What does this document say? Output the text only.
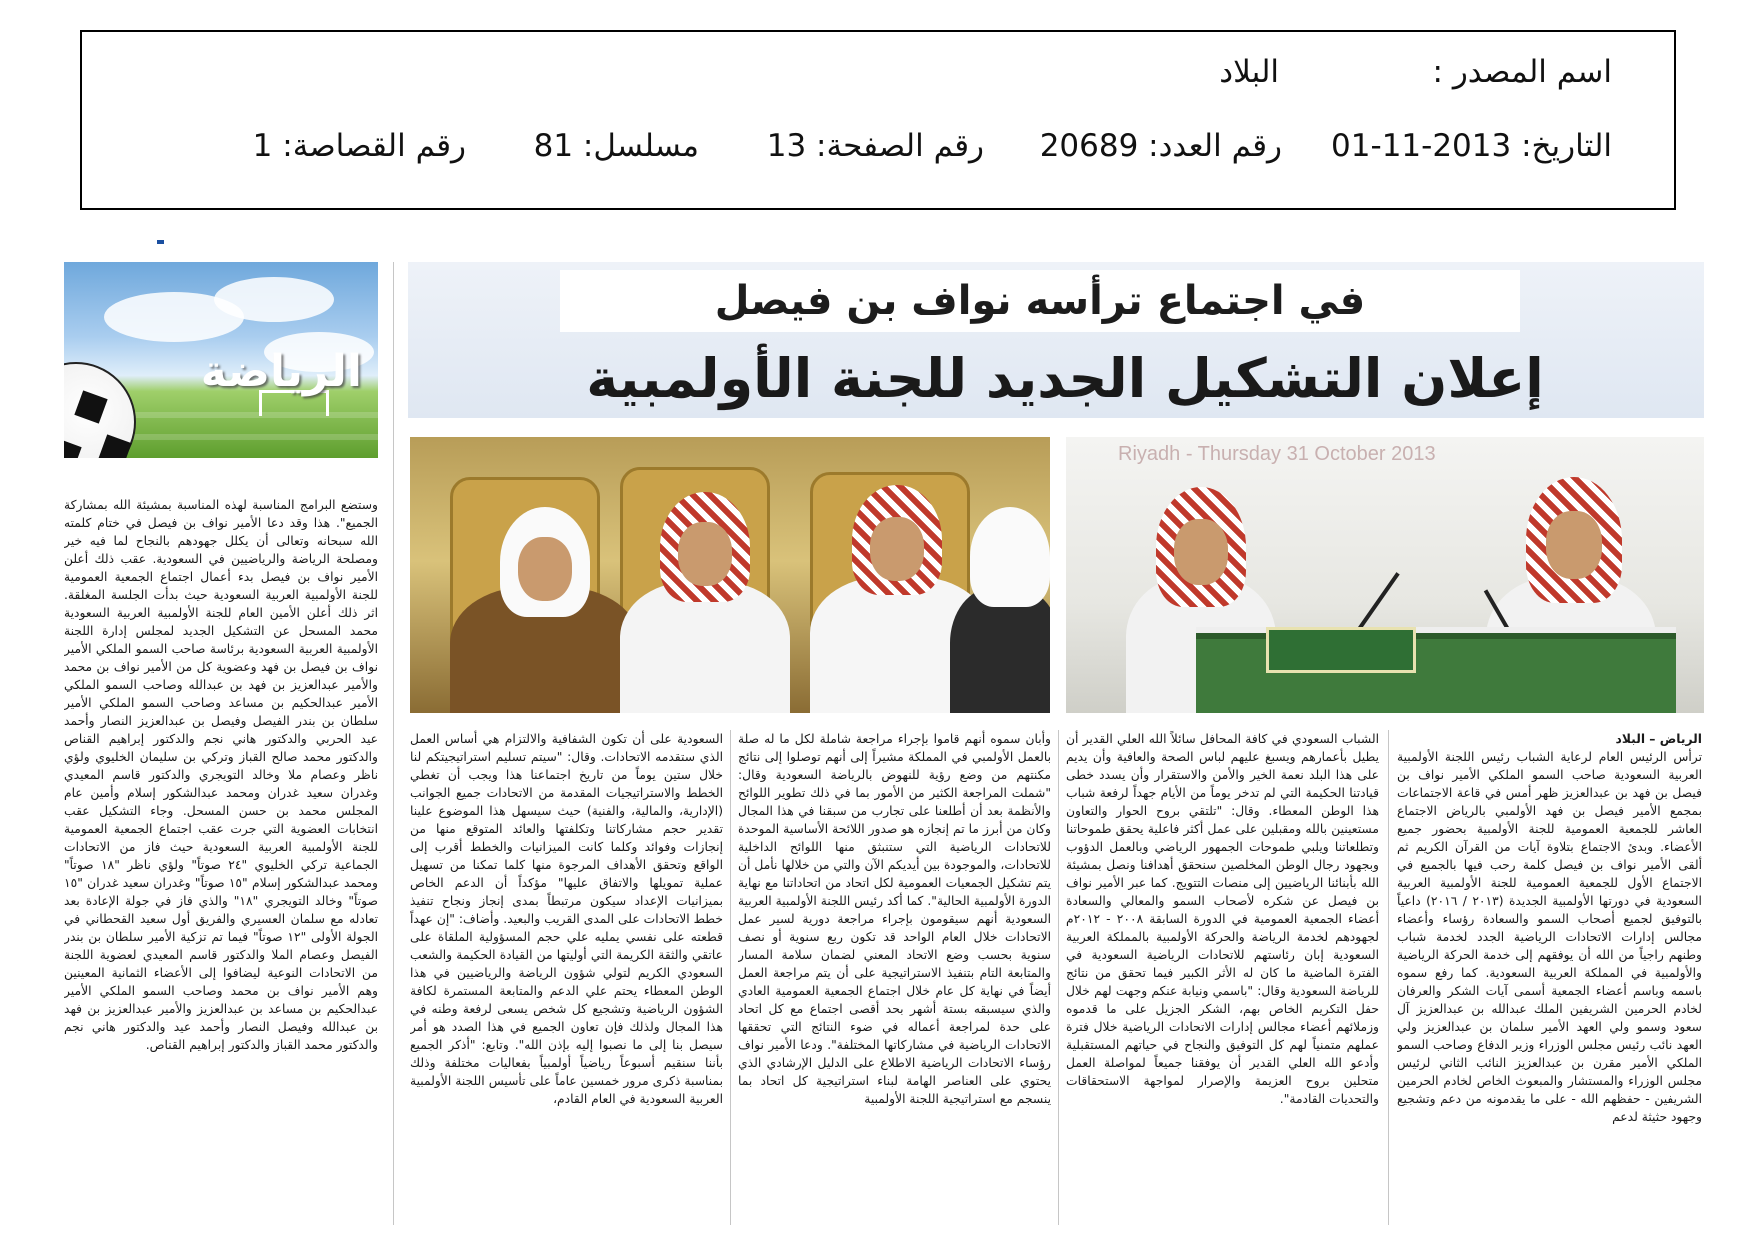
اسم المصدر :
البلاد
التاريخ: 2013-11-01
رقم العدد: 20689
رقم الصفحة: 13
مسلسل: 81
رقم القصاصة: 1
الرياضة
في اجتماع ترأسه نواف بن فيصل
إعلان التشكيل الجديد للجنة الأولمبية
Riyadh - Thursday 31 October 2013

الرياض – البلاد

ترأس الرئيس العام لرعاية الشباب رئيس اللجنة الأولمبية العربية السعودية صاحب السمو الملكي الأمير نواف بن فيصل بن فهد بن عبدالعزيز ظهر أمس في قاعة الاجتماعات بمجمع الأمير فيصل بن فهد الأولمبي بالرياض الاجتماع العاشر للجمعية العمومية للجنة الأولمبية بحضور جميع الأعضاء. وبدئ الاجتماع بتلاوة آيات من القرآن الكريم ثم ألقى الأمير نواف بن فيصل كلمة رحب فيها بالجميع في الاجتماع الأول للجمعية العمومية للجنة الأولمبية العربية السعودية في دورتها الأولمبية الجديدة (٢٠١٣ / ٢٠١٦) داعياً بالتوفيق لجميع أصحاب السمو والسعادة رؤساء وأعضاء مجالس إدارات الاتحادات الرياضية الجدد لخدمة شباب وطنهم راجياً من الله أن يوفقهم إلى خدمة الحركة الرياضية والأولمبية في المملكة العربية السعودية. كما رفع سموه باسمه وباسم أعضاء الجمعية أسمى آيات الشكر والعرفان لخادم الحرمين الشريفين الملك عبدالله بن عبدالعزيز آل سعود وسمو ولي العهد الأمير سلمان بن عبدالعزيز ولي العهد نائب رئيس مجلس الوزراء وزير الدفاع وصاحب السمو الملكي الأمير مقرن بن عبدالعزيز النائب الثاني لرئيس مجلس الوزراء والمستشار والمبعوث الخاص لخادم الحرمين الشريفين - حفظهم الله - على ما يقدمونه من دعم وتشجيع وجهود حثيثة لدعم

الشباب السعودي في كافة المحافل سائلاً الله العلي القدير أن يطيل بأعمارهم ويسبغ عليهم لباس الصحة والعافية وأن يديم على هذا البلد نعمة الخير والأمن والاستقرار وأن يسدد خطى قيادتنا الحكيمة التي لم تدخر يوماً من الأيام جهداً لرفعة شباب هذا الوطن المعطاء. وقال: "تلتقي بروح الحوار والتعاون مستعينين بالله ومقبلين على عمل أكثر فاعلية يحقق طموحاتنا وتطلعاتنا ويلبي طموحات الجمهور الرياضي وبالعمل الدؤوب وبجهود رجال الوطن المخلصين سنحقق أهدافنا ونصل بمشيئة الله بأبنائنا الرياضيين إلى منصات التتويج. كما عبر الأمير نواف بن فيصل عن شكره لأصحاب السمو والمعالي والسعادة أعضاء الجمعية العمومية في الدورة السابقة ٢٠٠٨ - ٢٠١٢م لجهودهم لخدمة الرياضة والحركة الأولمبية بالمملكة العربية السعودية إبان رئاستهم للاتحادات الرياضية السعودية في الفترة الماضية ما كان له الأثر الكبير فيما تحقق من نتائج للرياضة السعودية وقال: "باسمي ونيابة عنكم وجهت لهم خلال حفل التكريم الخاص بهم، الشكر الجزيل على ما قدموه وزملائهم أعضاء مجالس إدارات الاتحادات الرياضية خلال فترة عملهم متمنياً لهم كل التوفيق والنجاح في حياتهم المستقبلية وأدعو الله العلي القدير أن يوفقنا جميعاً لمواصلة العمل متحلين بروح العزيمة والإصرار لمواجهة الاستحقاقات والتحديات القادمة".

وأبان سموه أنهم قاموا بإجراء مراجعة شاملة لكل ما له صلة بالعمل الأولمبي في المملكة مشيراً إلى أنهم توصلوا إلى نتائج مكنتهم من وضع رؤية للنهوض بالرياضة السعودية وقال: "شملت المراجعة الكثير من الأمور بما في ذلك تطوير اللوائح والأنظمة بعد أن أطلعنا على تجارب من سبقنا في هذا المجال وكان من أبرز ما تم إنجازه هو صدور اللائحة الأساسية الموحدة للاتحادات الرياضية التي ستنبثق منها اللوائح الداخلية للاتحادات، والموجودة بين أيديكم الآن والتي من خلالها نأمل أن يتم تشكيل الجمعيات العمومية لكل اتحاد من اتحاداتنا مع نهاية الدورة الأولمبية الحالية". كما أكد رئيس اللجنة الأولمبية العربية السعودية أنهم سيقومون بإجراء مراجعة دورية لسير عمل الاتحادات خلال العام الواحد قد تكون ربع سنوية أو نصف سنوية بحسب وضع الاتحاد المعني لضمان سلامة المسار والمتابعة التام بتنفيذ الاستراتيجية على أن يتم مراجعة العمل أيضاً في نهاية كل عام خلال اجتماع الجمعية العمومية العادي والذي سيسبقه بستة أشهر بحد أقصى اجتماع مع كل اتحاد على حدة لمراجعة أعماله في ضوء النتائج التي تحققها الاتحادات الرياضية في مشاركاتها المختلفة". ودعا الأمير نواف رؤساء الاتحادات الرياضية الاطلاع على الدليل الإرشادي الذي يحتوي على العناصر الهامة لبناء استراتيجية كل اتحاد بما ينسجم مع استراتيجية اللجنة الأولمبية

السعودية على أن تكون الشفافية والالتزام هي أساس العمل الذي ستقدمه الاتحادات. وقال: "سيتم تسليم استراتيجيتكم لنا خلال ستين يوماً من تاريخ اجتماعنا هذا ويجب أن تغطي الخطط والاستراتيجيات المقدمة من الاتحادات جميع الجوانب (الإدارية، والمالية، والفنية) حيث سيسهل هذا الموضوع علينا تقدير حجم مشاركاتنا وتكلفتها والعائد المتوقع منها من إنجازات وفوائد وكلما كانت الميزانيات والخطط أقرب إلى الواقع وتحقق الأهداف المرجوة منها كلما تمكنا من تسهيل عملية تمويلها والاتفاق عليها" مؤكداً أن الدعم الخاص بميزانيات الإعداد سيكون مرتبطاً بمدى إنجاز ونجاح تنفيذ خطط الاتحادات على المدى القريب والبعيد. وأضاف: "إن عهداً قطعته على نفسي يمليه علي حجم المسؤولية الملقاة على عاتقي والثقة الكريمة التي أوليتها من القيادة الحكيمة والشعب السعودي الكريم لتولي شؤون الرياضة والرياضيين في هذا الوطن المعطاء يحتم علي الدعم والمتابعة المستمرة لكافة الشؤون الرياضية وتشجيع كل شخص يسعى لرفعة وطنه في هذا المجال ولذلك فإن تعاون الجميع في هذا الصدد هو أمر سيصل بنا إلى ما نصبوا إليه بإذن الله". وتابع: "أذكر الجميع بأننا سنقيم أسبوعاً رياضياً أولمبياً بفعاليات مختلفة وذلك بمناسبة ذكرى مرور خمسين عاماً على تأسيس اللجنة الأولمبية العربية السعودية في العام القادم،

وستضع البرامج المناسبة لهذه المناسبة بمشيئة الله بمشاركة الجميع". هذا وقد دعا الأمير نواف بن فيصل في ختام كلمته الله سبحانه وتعالى أن يكلل جهودهم بالنجاح لما فيه خير ومصلحة الرياضة والرياضيين في السعودية. عقب ذلك أعلن الأمير نواف بن فيصل بدء أعمال اجتماع الجمعية العمومية للجنة الأولمبية العربية السعودية حيث بدأت الجلسة المغلقة. اثر ذلك أعلن الأمين العام للجنة الأولمبية العربية السعودية محمد المسحل عن التشكيل الجديد لمجلس إدارة اللجنة الأولمبية العربية السعودية برئاسة صاحب السمو الملكي الأمير نواف بن فيصل بن فهد وعضوية كل من الأمير نواف بن محمد والأمير عبدالعزيز بن فهد بن عبدالله وصاحب السمو الملكي الأمير عبدالحكيم بن مساعد وصاحب السمو الملكي الأمير سلطان بن بندر الفيصل وفيصل بن عبدالعزيز النصار وأحمد عيد الحربي والدكتور هاني نجم والدكتور إبراهيم القناص والدكتور محمد صالح القباز وتركي بن سليمان الخليوي ولؤي ناظر وعصام ملا وخالد التويجري والدكتور قاسم المعيدي وغدران سعيد غدران ومحمد عبدالشكور إسلام وأمين عام المجلس محمد بن حسن المسحل. وجاء التشكيل عقب انتخابات العضوية التي جرت عقب اجتماع الجمعية العمومية للجنة الأولمبية العربية السعودية حيث فاز من الاتحادات الجماعية تركي الخليوي "٢٤ صوتاً" ولؤي ناظر "١٨ صوتاً" ومحمد عبدالشكور إسلام "١٥ صوتاً" وغدران سعيد غدران "١٥ صوتاً" وخالد التويجري "١٨" والذي فاز في جولة الإعادة بعد تعادله مع سلمان العسيري والفريق أول سعيد القحطاني في الجولة الأولى "١٢ صوتاً" فيما تم تزكية الأمير سلطان بن بندر الفيصل وعصام الملا والدكتور قاسم المعيدي لعضوية اللجنة من الاتحادات النوعية ليضافوا إلى الأعضاء الثمانية المعينين وهم الأمير نواف بن محمد وصاحب السمو الملكي الأمير عبدالحكيم بن مساعد بن عبدالعزيز والأمير عبدالعزيز بن فهد بن عبدالله وفيصل النصار وأحمد عيد والدكتور هاني نجم والدكتور محمد القباز والدكتور إبراهيم القناص.
